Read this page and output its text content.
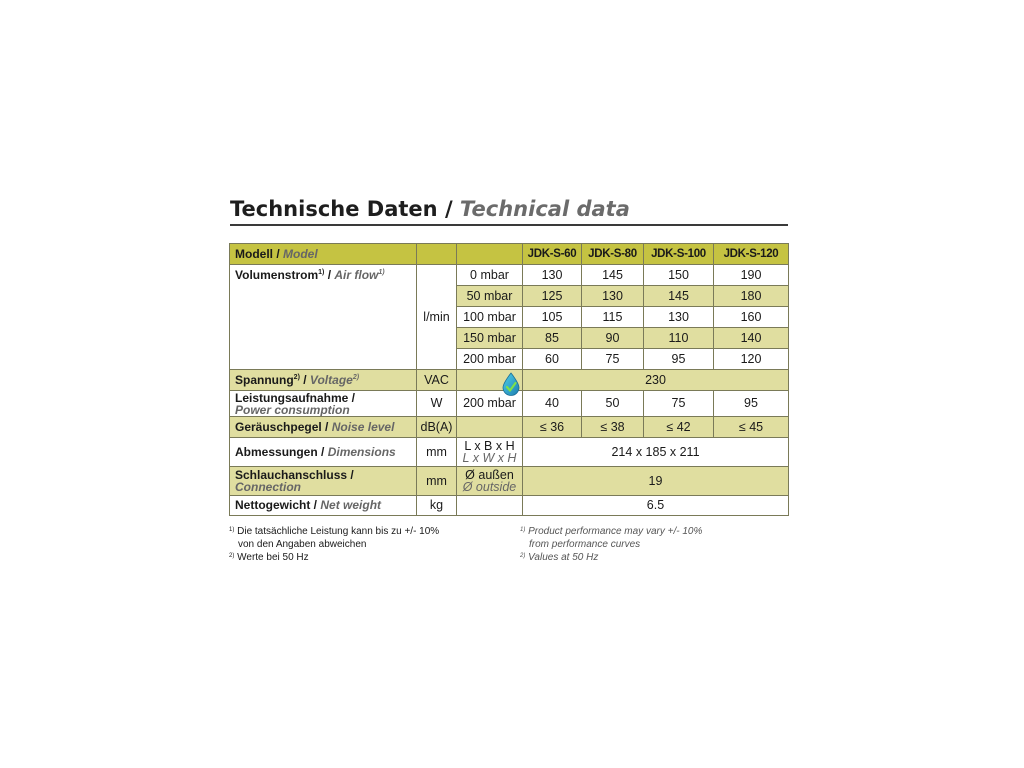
Technische Daten / Technical data
Modell / Model			JDK-S-60	JDK-S-80	JDK-S-100	JDK-S-120
Volumenstrom$^{1)}$ / Air flow$^{1)}$	l/min	0 mbar	130	145	150	190
		50 mbar	125	130	145	180
		100 mbar	105	115	130	160
		150 mbar	85	90	110	140
		200 mbar	60	75	95	120
Spannung$^{2)}$ / Voltage$^{2)}$	VAC		230			

Leistungsaufnahme /
Power consumption	W	200 mbar	40	50	75	95
Geräuschpegel / Noise level	dB(A)		≤ 36	≤ 38	≤ 42	≤ 45
Abmessungen / Dimensions	mm	L x B x H
L x W x H	214 x 185 x 211			

Schlauchanschluss /
Connection	mm	Ø außen
Ø outside	19			
Nettogewicht / Net weight	kg		6.5			
$^{1)}$ Die tatsächliche Leistung kann bis zu +/- 10%
von den Angaben abweichen
$^{2)}$ Werte bei 50 Hz
$^{1)}$ Product performance may vary +/- 10%
from performance curves
$^{2)}$ Values at 50 Hz
